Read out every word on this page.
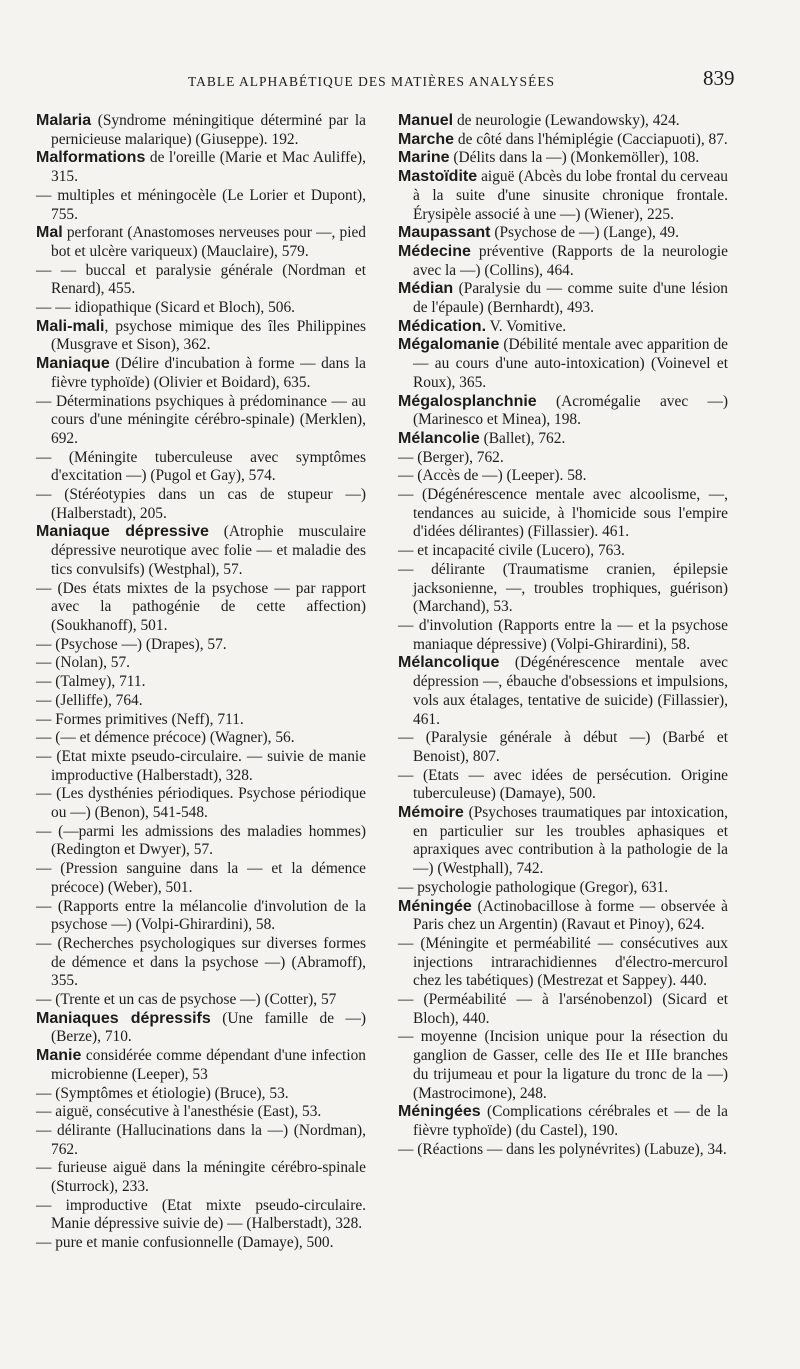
TABLE ALPHABÉTIQUE DES MATIÈRES ANALYSÉES	839

Malaria (Syndrome méningitique déterminé par la pernicieuse malarique) (Giuseppe). 192.

Malformations de l'oreille (Marie et Mac Auliffe), 315.

— multiples et méningocèle (Le Lorier et Dupont), 755.

Mal perforant (Anastomoses nerveuses pour —, pied bot et ulcère variqueux) (Mauclaire), 579.

— — buccal et paralysie générale (Nordman et Renard), 455.

— — idiopathique (Sicard et Bloch), 506.

Mali-mali, psychose mimique des îles Philippines (Musgrave et Sison), 362.

Maniaque (Délire d'incubation à forme — dans la fièvre typhoïde) (Olivier et Boidard), 635.

— Déterminations psychiques à prédominance — au cours d'une méningite cérébro-spinale) (Merklen), 692.

— (Méningite tuberculeuse avec symptômes d'excitation —) (Pugol et Gay), 574.

— (Stéréotypies dans un cas de stupeur —) (Halberstadt), 205.

Maniaque dépressive (Atrophie musculaire dépressive neurotique avec folie — et maladie des tics convulsifs) (Westphal), 57.

— (Des états mixtes de la psychose — par rapport avec la pathogénie de cette affection) (Soukhanoff), 501.

— (Psychose —) (Drapes), 57.

— (Nolan), 57.

— (Talmey), 711.

— (Jelliffe), 764.

— Formes primitives (Neff), 711.

— (— et démence précoce) (Wagner), 56.

— (Etat mixte pseudo-circulaire. — suivie de manie improductive (Halberstadt), 328.

— (Les dysthénies périodiques. Psychose périodique ou —) (Benon), 541-548.

— (—parmi les admissions des maladies hommes) (Redington et Dwyer), 57.

— (Pression sanguine dans la — et la démence précoce) (Weber), 501.

— (Rapports entre la mélancolie d'involution de la psychose —) (Volpi-Ghirardini), 58.

— (Recherches psychologiques sur diverses formes de démence et dans la psychose —) (Abramoff), 355.

— (Trente et un cas de psychose —) (Cotter), 57

Maniaques dépressifs (Une famille de —) (Berze), 710.

Manie considérée comme dépendant d'une infection microbienne (Leeper), 53

— (Symptômes et étiologie) (Bruce), 53.

— aiguë, consécutive à l'anesthésie (East), 53.

— délirante (Hallucinations dans la —) (Nordman), 762.

— furieuse aiguë dans la méningite cérébro-spinale (Sturrock), 233.

— improductive (Etat mixte pseudo-circulaire. Manie dépressive suivie de) — (Halberstadt), 328.

— pure et manie confusionnelle (Damaye), 500.

Manuel de neurologie (Lewandowsky), 424.

Marche de côté dans l'hémiplégie (Cacciapuoti), 87.

Marine (Délits dans la —) (Monkemöller), 108.

Mastoïdite aiguë (Abcès du lobe frontal du cerveau à la suite d'une sinusite chronique frontale. Érysipèle associé à une —) (Wiener), 225.

Maupassant (Psychose de —) (Lange), 49.

Médecine préventive (Rapports de la neurologie avec la —) (Collins), 464.

Médian (Paralysie du — comme suite d'une lésion de l'épaule) (Bernhardt), 493.

Médication. V. Vomitive.

Mégalomanie (Débilité mentale avec apparition de — au cours d'une auto-intoxication) (Voinevel et Roux), 365.

Mégalosplanchnie (Acromégalie avec —) (Marinesco et Minea), 198.

Mélancolie (Ballet), 762.

— (Berger), 762.

— (Accès de —) (Leeper). 58.

— (Dégénérescence mentale avec alcoolisme, —, tendances au suicide, à l'homicide sous l'empire d'idées délirantes) (Fillassier). 461.

— et incapacité civile (Lucero), 763.

— délirante (Traumatisme cranien, épilepsie jacksonienne, —, troubles trophiques, guérison) (Marchand), 53.

— d'involution (Rapports entre la — et la psychose maniaque dépressive) (Volpi-Ghirardini), 58.

Mélancolique (Dégénérescence mentale avec dépression —, ébauche d'obsessions et impulsions, vols aux étalages, tentative de suicide) (Fillassier), 461.

— (Paralysie générale à début —) (Barbé et Benoist), 807.

— (Etats — avec idées de persécution. Origine tuberculeuse) (Damaye), 500.

Mémoire (Psychoses traumatiques par intoxication, en particulier sur les troubles aphasiques et apraxiques avec contribution à la pathologie de la —) (Westphall), 742.

— psychologie pathologique (Gregor), 631.

Méningée (Actinobacillose à forme — observée à Paris chez un Argentin) (Ravaut et Pinoy), 624.

— (Méningite et perméabilité — consécutives aux injections intrarachidiennes d'électro-mercurol chez les tabétiques) (Mestrezat et Sappey). 440.

— (Perméabilité — à l'arsénobenzol) (Sicard et Bloch), 440.

— moyenne (Incision unique pour la résection du ganglion de Gasser, celle des IIe et IIIe branches du trijumeau et pour la ligature du tronc de la —) (Mastrocimone), 248.

Méningées (Complications cérébrales et — de la fièvre typhoïde) (du Castel), 190.

— (Réactions — dans les polynévrites) (Labuze), 34.
